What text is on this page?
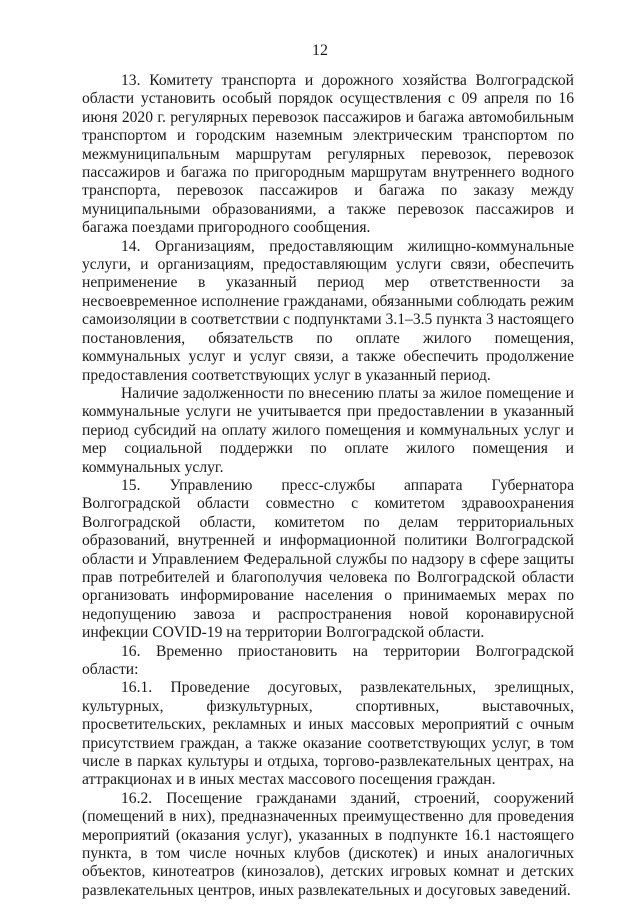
12

13. Комитету транспорта и дорожного хозяйства Волгоградской области установить особый порядок осуществления с 09 апреля по 16 июня 2020 г. регулярных перевозок пассажиров и багажа автомобильным транспортом и городским наземным электрическим транспортом по межмуниципальным маршрутам регулярных перевозок, перевозок пассажиров и багажа по пригородным маршрутам внутреннего водного транспорта, перевозок пассажиров и багажа по заказу между муниципальными образованиями, а также перевозок пассажиров и багажа поездами пригородного сообщения.

14. Организациям, предоставляющим жилищно-коммунальные услуги, и организациям, предоставляющим услуги связи, обеспечить неприменение в указанный период мер ответственности за несвоевременное исполнение гражданами, обязанными соблюдать режим самоизоляции в соответствии с подпунктами 3.1–3.5 пункта 3 настоящего постановления, обязательств по оплате жилого помещения, коммунальных услуг и услуг связи, а также обеспечить продолжение предоставления соответствующих услуг в указанный период.

Наличие задолженности по внесению платы за жилое помещение и коммунальные услуги не учитывается при предоставлении в указанный период субсидий на оплату жилого помещения и коммунальных услуг и мер социальной поддержки по оплате жилого помещения и коммунальных услуг.

15. Управлению пресс-службы аппарата Губернатора Волгоградской области совместно с комитетом здравоохранения Волгоградской области, комитетом по делам территориальных образований, внутренней и информационной политики Волгоградской области и Управлением Федеральной службы по надзору в сфере защиты прав потребителей и благополучия человека по Волгоградской области организовать информирование населения о принимаемых мерах по недопущению завоза и распространения новой коронавирусной инфекции COVID-19 на территории Волгоградской области.

16. Временно приостановить на территории Волгоградской области:

16.1. Проведение досуговых, развлекательных, зрелищных, культурных, физкультурных, спортивных, выставочных, просветительских, рекламных и иных массовых мероприятий с очным присутствием граждан, а также оказание соответствующих услуг, в том числе в парках культуры и отдыха, торгово-развлекательных центрах, на аттракционах и в иных местах массового посещения граждан.

16.2. Посещение гражданами зданий, строений, сооружений (помещений в них), предназначенных преимущественно для проведения мероприятий (оказания услуг), указанных в подпункте 16.1 настоящего пункта, в том числе ночных клубов (дискотек) и иных аналогичных объектов, кинотеатров (кинозалов), детских игровых комнат и детских развлекательных центров, иных развлекательных и досуговых заведений.
